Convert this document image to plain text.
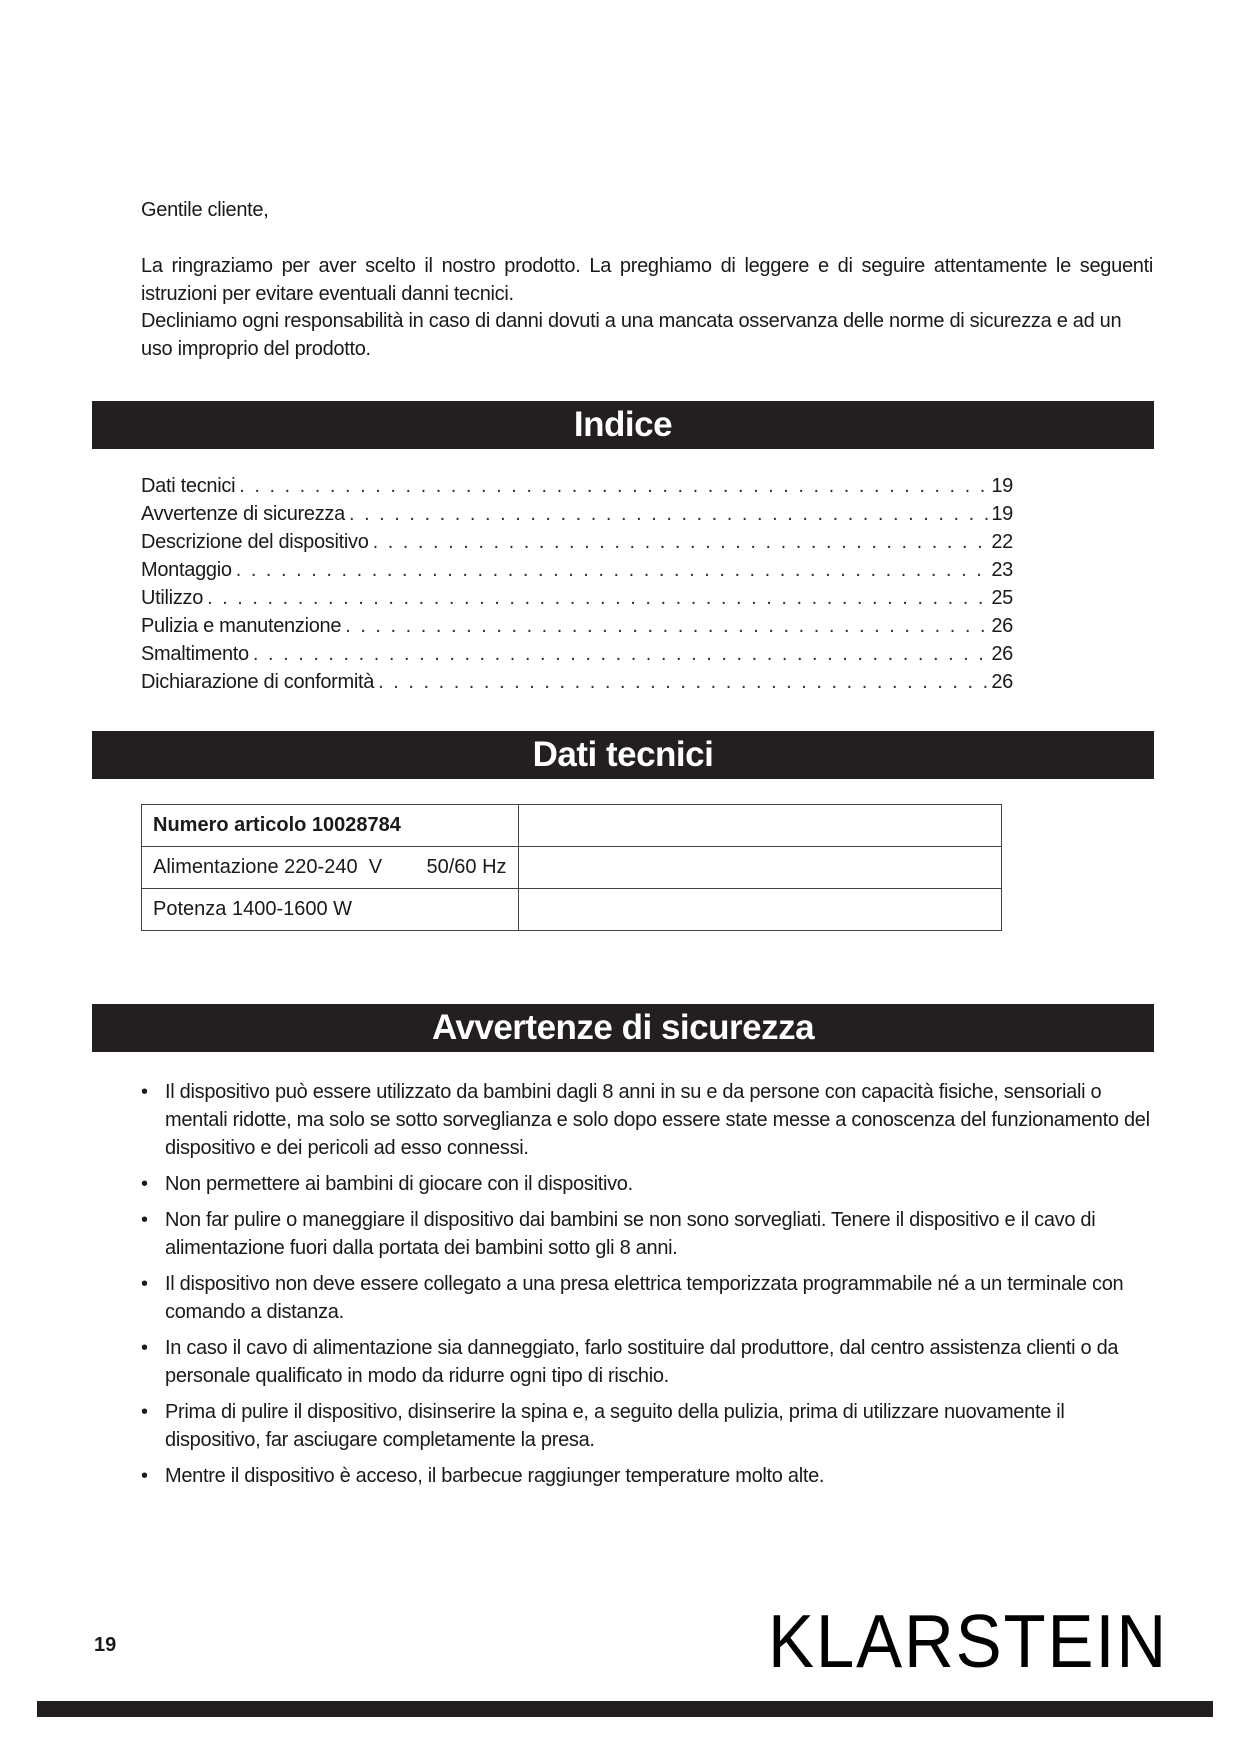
Gentile cliente,
La ringraziamo per aver scelto il nostro prodotto. La preghiamo di leggere e di seguire attentamente le seguenti istruzioni per evitare eventuali danni tecnici.
Decliniamo ogni responsabilità in caso di danni dovuti a una mancata osservanza delle norme di sicurezza e ad un uso improprio del prodotto.
Indice
Dati tecnici . . .	19
Avvertenze di sicurezza . . .	19
Descrizione del dispositivo . . .	22
Montaggio . . .	23
Utilizzo . . .	25
Pulizia e manutenzione . . .	26
Smaltimento . . .	26
Dichiarazione di conformità . . .	26
Dati tecnici
Numero articolo 10028784	
Alimentazione 220-240  V        50/60 Hz	
Potenza 1400-1600 W	
Avvertenze di sicurezza
• Il dispositivo può essere utilizzato da bambini dagli 8 anni in su e da persone con capacità fisiche, sensoriali o mentali ridotte, ma solo se sotto sorveglianza e solo dopo essere state messe a conoscenza del funzionamento del dispositivo e dei pericoli ad esso connessi.
• Non permettere ai bambini di giocare con il dispositivo.
• Non far pulire o maneggiare il dispositivo dai bambini se non sono sorvegliati. Tenere il dispositivo e il cavo di alimentazione fuori dalla portata dei bambini sotto gli 8 anni.
• Il dispositivo non deve essere collegato a una presa elettrica temporizzata programmabile né a un terminale con comando a distanza.
• In caso il cavo di alimentazione sia danneggiato, farlo sostituire dal produttore, dal centro assistenza clienti o da personale qualificato in modo da ridurre ogni tipo di rischio.
• Prima di pulire il dispositivo, disinserire la spina e, a seguito della pulizia, prima di utilizzare nuovamente il dispositivo, far asciugare completamente la presa.
• Mentre il dispositivo è acceso, il barbecue raggiunger temperature molto alte.
19	KLARSTEIN
